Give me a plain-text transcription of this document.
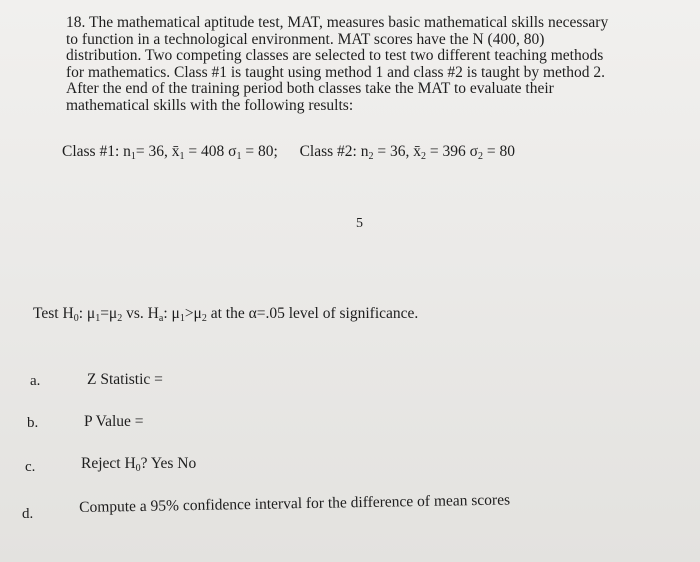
18. The mathematical aptitude test, MAT, measures basic mathematical skills necessary
to function in a technological environment. MAT scores have the N (400, 80)
distribution. Two competing classes are selected to test two different teaching methods
for mathematics. Class #1 is taught using method 1 and class #2 is taught by method 2.
After the end of the training period both classes take the MAT to evaluate their
mathematical skills with the following results:
Class #1: $n_1= 36$, $x̄_1 = 408$ $\sigma_1 = 80$; Class #2: $n_2 = 36$, $x̄_2 = 396$ $\sigma_2 = 80$
5
Test $H_0$: $\mu_1=\mu_2$ vs. $H_a$: $\mu_1>\mu_2$ at the α=.05 level of significance.
a.	Z Statistic =
b.	P Value =
c.	Reject $H_0$? Yes No
d.	Compute a 95% confidence interval for the difference of mean scores
